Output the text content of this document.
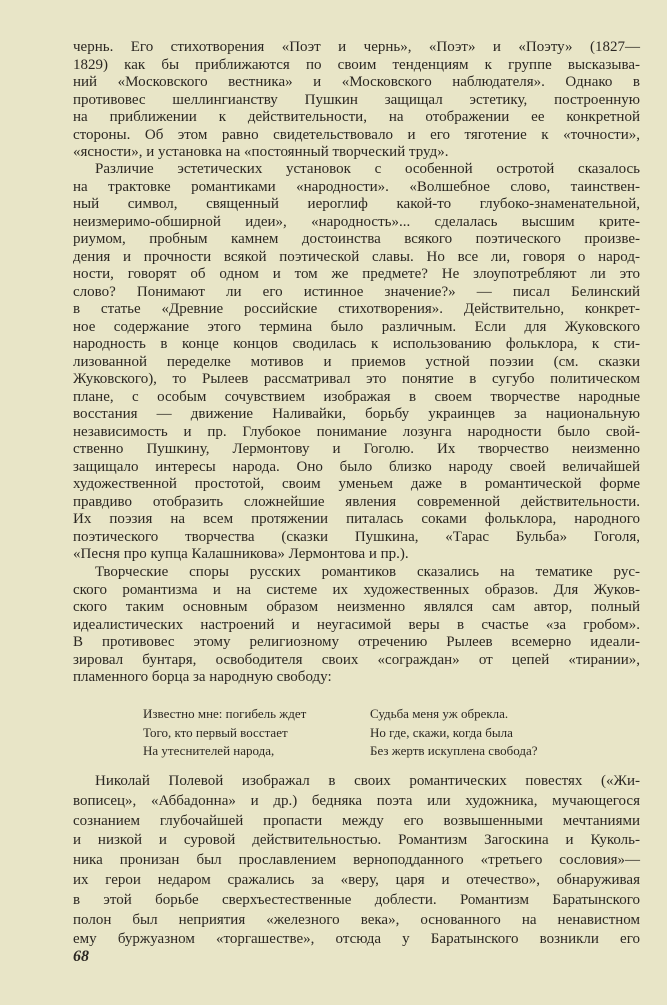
чернь. Его стихотворения «Поэт и чернь», «Поэт» и «Поэту» (1827—
1829) как бы приближаются по своим тенденциям к группе высказыва-
ний «Московского вестника» и «Московского наблюдателя». Однако в
противовес шеллингианству Пушкин защищал эстетику, построенную
на приближении к действительности, на отображении ее конкретной
стороны. Об этом равно свидетельствовало и его тяготение к «точности»,
«ясности», и установка на «постоянный творческий труд».
Различие эстетических установок с особенной остротой сказалось
на трактовке романтиками «народности». «Волшебное слово, таинствен-
ный символ, священный иероглиф какой-то глубоко-знаменательной,
неизмеримо-обширной идеи», «народность»... сделалась высшим крите-
риумом, пробным камнем достоинства всякого поэтического произве-
дения и прочности всякой поэтической славы. Но все ли, говоря о народ-
ности, говорят об одном и том же предмете? Не злоупотребляют ли это
слово? Понимают ли его истинное значение?» — писал Белинский
в статье «Древние российские стихотворения». Действительно, конкрет-
ное содержание этого термина было различным. Если для Жуковского
народность в конце концов сводилась к использованию фольклора, к сти-
лизованной переделке мотивов и приемов устной поэзии (см. сказки
Жуковского), то Рылеев рассматривал это понятие в сугубо политическом
плане, с особым сочувствием изображая в своем творчестве народные
восстания — движение Наливайки, борьбу украинцев за национальную
независимость и пр. Глубокое понимание лозунга народности было свой-
ственно Пушкину, Лермонтову и Гоголю. Их творчество неизменно
защищало интересы народа. Оно было близко народу своей величайшей
художественной простотой, своим уменьем даже в романтической форме
правдиво отобразить сложнейшие явления современной действительности.
Их поэзия на всем протяжении питалась соками фольклора, народного
поэтического творчества (сказки Пушкина, «Тарас Бульба» Гоголя,
«Песня про купца Калашникова» Лермонтова и пр.).
Творческие споры русских романтиков сказались на тематике рус-
ского романтизма и на системе их художественных образов. Для Жуков-
ского таким основным образом неизменно являлся сам автор, полный
идеалистических настроений и неугасимой веры в счастье «за гробом».
В противовес этому религиозному отречению Рылеев всемерно идеали-
зировал бунтаря, освободителя своих «сограждан» от цепей «тирании»,
пламенного борца за народную свободу:
Известно мне: погибель ждет
Того, кто первый восстает
На утеснителей народа,
Судьба меня уж обрекла.
Но где, скажи, когда была
Без жертв искуплена свобода?
Николай Полевой изображал в своих романтических повестях («Жи-
вописец», «Аббадонна» и др.) бедняка поэта или художника, мучающегося
сознанием глубочайшей пропасти между его возвышенными мечтаниями
и низкой и суровой действительностью. Романтизм Загоскина и Куколь-
ника пронизан был прославлением верноподданного «третьего сословия»—
их герои недаром сражались за «веру, царя и отечество», обнаруживая
в этой борьбе сверхъестественные доблести. Романтизм Баратынского
полон был неприятия «железного века», основанного на ненавистном
ему буржуазном «торгашестве», отсюда у Баратынского возникли его
68
